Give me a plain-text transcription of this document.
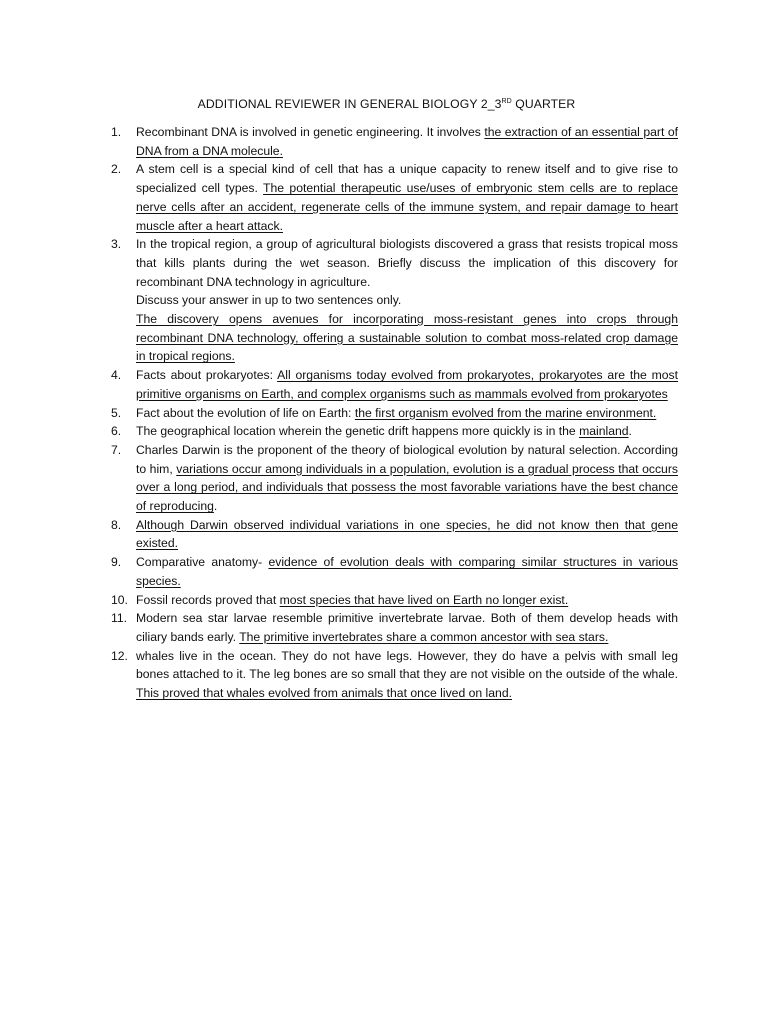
ADDITIONAL REVIEWER IN GENERAL BIOLOGY 2_3RD QUARTER
1.	Recombinant DNA is involved in genetic engineering. It involves the extraction of an essential part of DNA from a DNA molecule.
2.	A stem cell is a special kind of cell that has a unique capacity to renew itself and to give rise to specialized cell types. The potential therapeutic use/uses of embryonic stem cells are to replace nerve cells after an accident, regenerate cells of the immune system, and repair damage to heart muscle after a heart attack.
3.	In the tropical region, a group of agricultural biologists discovered a grass that resists tropical moss that kills plants during the wet season. Briefly discuss the implication of this discovery for recombinant DNA technology in agriculture.
Discuss your answer in up to two sentences only.
The discovery opens avenues for incorporating moss-resistant genes into crops through recombinant DNA technology, offering a sustainable solution to combat moss-related crop damage in tropical regions.
4.	Facts about prokaryotes: All organisms today evolved from prokaryotes, prokaryotes are the most primitive organisms on Earth, and complex organisms such as mammals evolved from prokaryotes
5.	Fact about the evolution of life on Earth: the first organism evolved from the marine environment.
6.	The geographical location wherein the genetic drift happens more quickly is in the mainland.
7.	Charles Darwin is the proponent of the theory of biological evolution by natural selection. According to him, variations occur among individuals in a population, evolution is a gradual process that occurs over a long period, and individuals that possess the most favorable variations have the best chance of reproducing.
8.	Although Darwin observed individual variations in one species, he did not know then that gene existed.
9.	Comparative anatomy- evidence of evolution deals with comparing similar structures in various species.
10. Fossil records proved that most species that have lived on Earth no longer exist.
11. Modern sea star larvae resemble primitive invertebrate larvae. Both of them develop heads with ciliary bands early. The primitive invertebrates share a common ancestor with sea stars.
12. whales live in the ocean. They do not have legs. However, they do have a pelvis with small leg bones attached to it. The leg bones are so small that they are not visible on the outside of the whale. This proved that whales evolved from animals that once lived on land.
